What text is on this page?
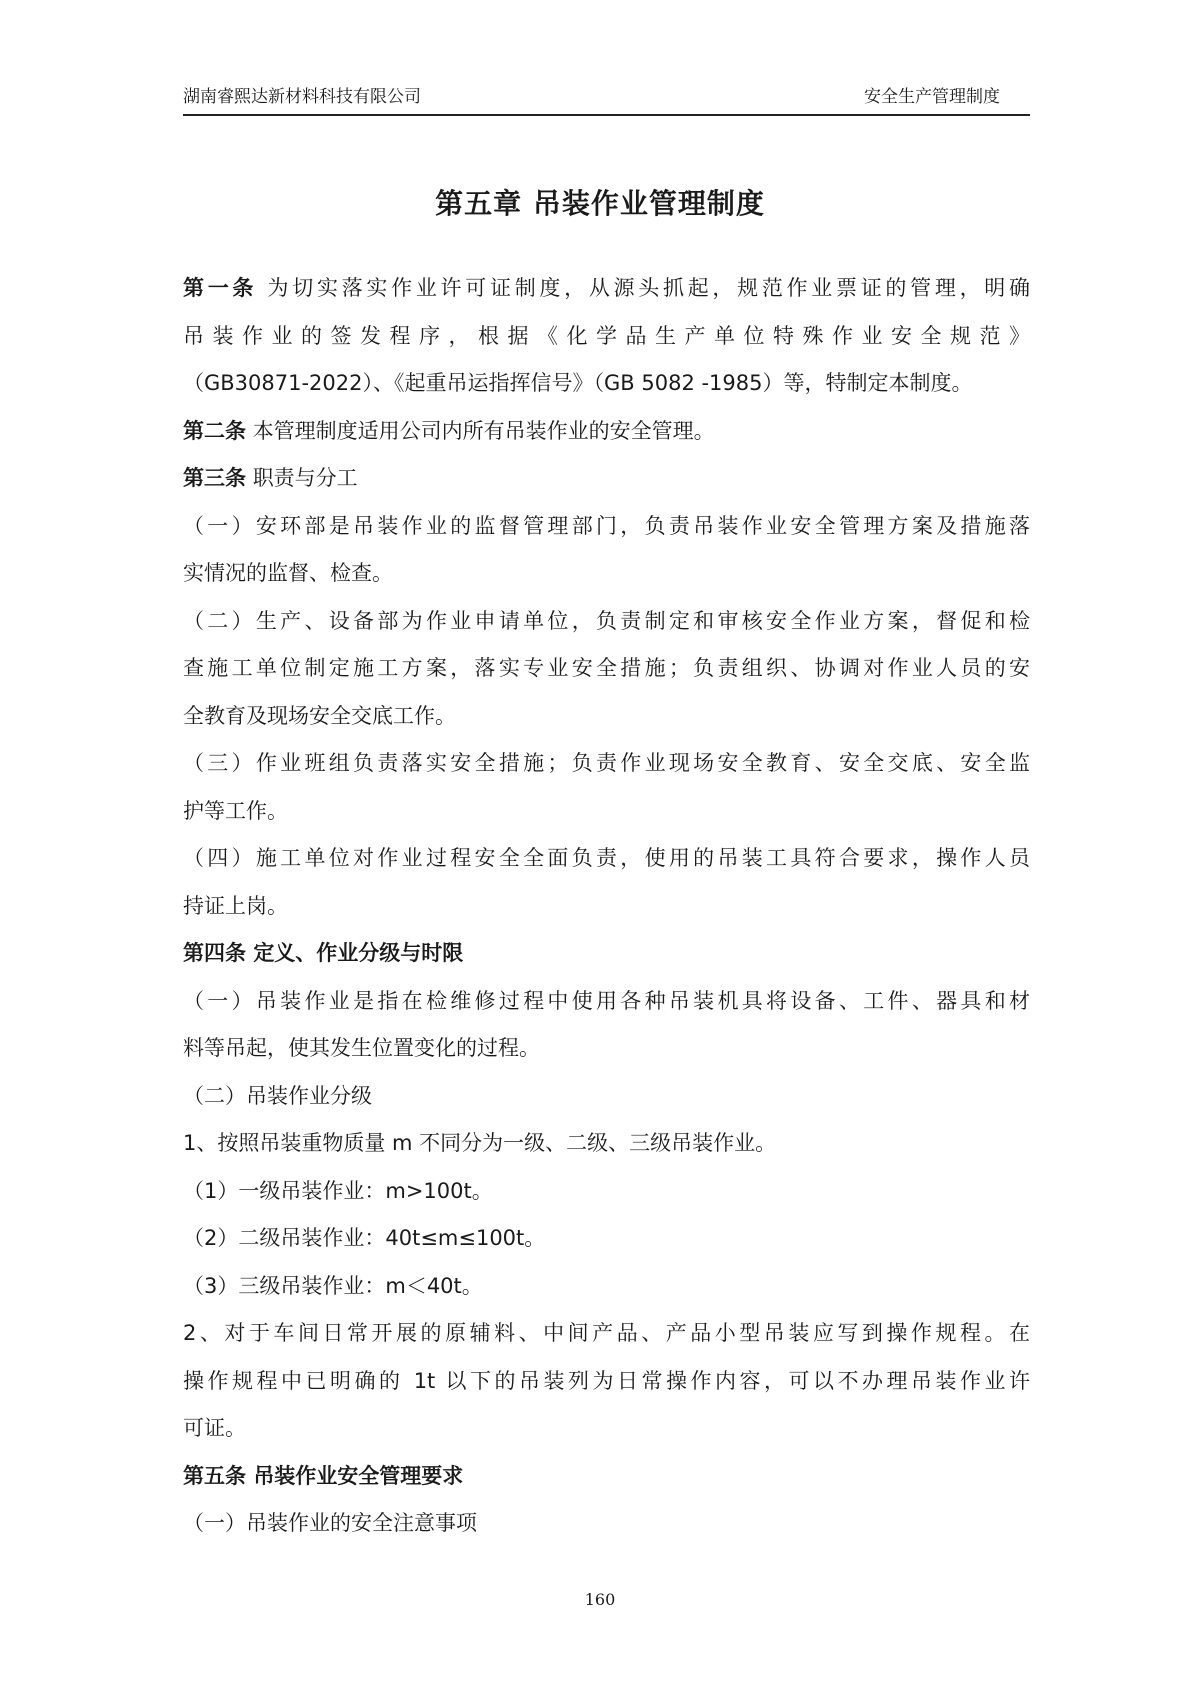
湖南睿熙达新材料科技有限公司	安全生产管理制度
第五章 吊装作业管理制度

第一条 为切实落实作业许可证制度，从源头抓起，规范作业票证的管理，明确

吊装作业的签发程序，根据《化学品生产单位特殊作业安全规范》

（GB30871-2022）、《起重吊运指挥信号》（GB 5082 -1985）等，特制定本制度。

第二条 本管理制度适用公司内所有吊装作业的安全管理。

第三条 职责与分工

（一）安环部是吊装作业的监督管理部门，负责吊装作业安全管理方案及措施落

实情况的监督、检查。

（二）生产、设备部为作业申请单位，负责制定和审核安全作业方案，督促和检

查施工单位制定施工方案，落实专业安全措施；负责组织、协调对作业人员的安

全教育及现场安全交底工作。

（三）作业班组负责落实安全措施；负责作业现场安全教育、安全交底、安全监

护等工作。

（四）施工单位对作业过程安全全面负责，使用的吊装工具符合要求，操作人员

持证上岗。

第四条 定义、作业分级与时限

（一）吊装作业是指在检维修过程中使用各种吊装机具将设备、工件、器具和材

料等吊起，使其发生位置变化的过程。

（二）吊装作业分级

1、按照吊装重物质量 m 不同分为一级、二级、三级吊装作业。

（1）一级吊装作业：m>100t。

（2）二级吊装作业：40t≤m≤100t。

（3）三级吊装作业：m＜40t。

2、对于车间日常开展的原辅料、中间产品、产品小型吊装应写到操作规程。在

操作规程中已明确的 1t 以下的吊装列为日常操作内容，可以不办理吊装作业许

可证。

第五条 吊装作业安全管理要求

（一）吊装作业的安全注意事项

160
